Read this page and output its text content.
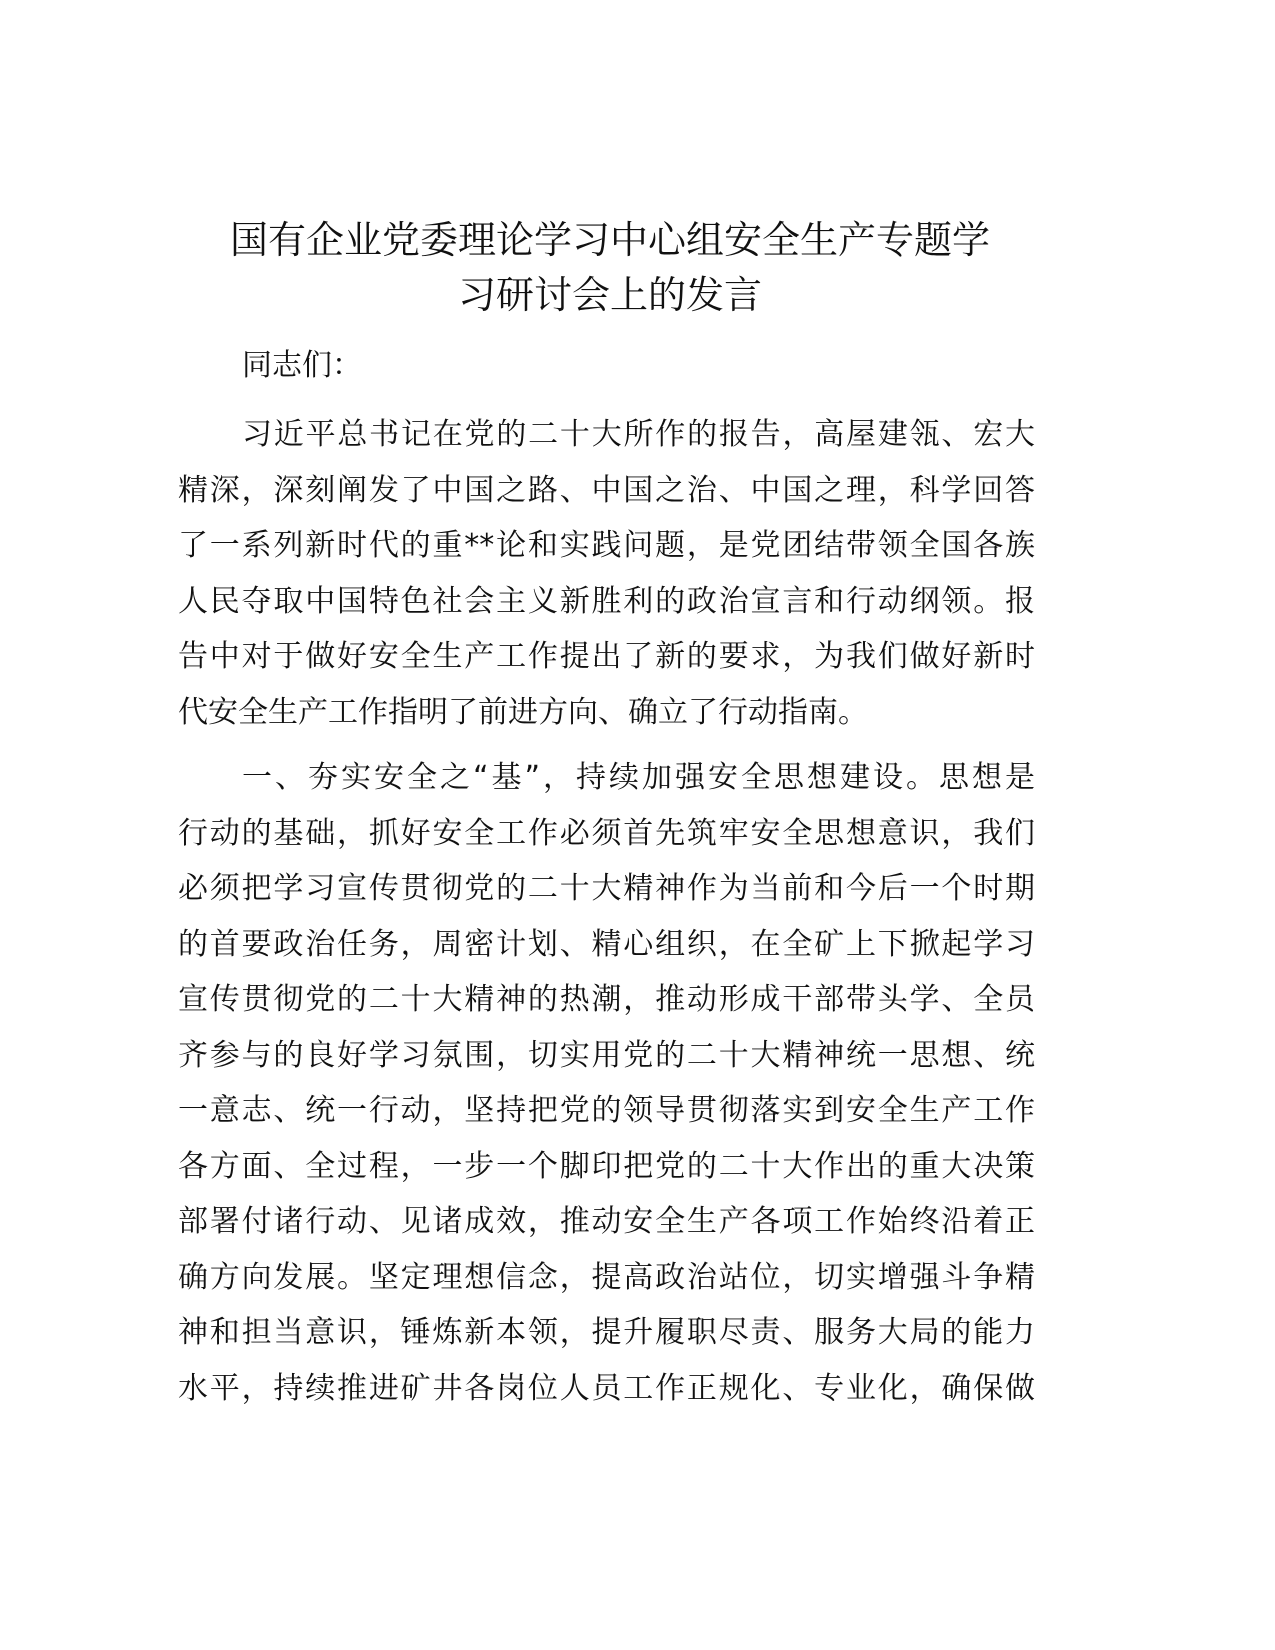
国有企业党委理论学习中心组安全生产专题学
习研讨会上的发言
同志们：
习近平总书记在党的二十大所作的报告，高屋建瓴、宏大
精深，深刻阐发了中国之路、中国之治、中国之理，科学回答
了一系列新时代的重**论和实践问题，是党团结带领全国各族
人民夺取中国特色社会主义新胜利的政治宣言和行动纲领。报
告中对于做好安全生产工作提出了新的要求，为我们做好新时
代安全生产工作指明了前进方向、确立了行动指南。
一、夯实安全之“基”，持续加强安全思想建设。思想是
行动的基础，抓好安全工作必须首先筑牢安全思想意识，我们
必须把学习宣传贯彻党的二十大精神作为当前和今后一个时期
的首要政治任务，周密计划、精心组织，在全矿上下掀起学习
宣传贯彻党的二十大精神的热潮，推动形成干部带头学、全员
齐参与的良好学习氛围，切实用党的二十大精神统一思想、统
一意志、统一行动，坚持把党的领导贯彻落实到安全生产工作
各方面、全过程，一步一个脚印把党的二十大作出的重大决策
部署付诸行动、见诸成效，推动安全生产各项工作始终沿着正
确方向发展。坚定理想信念，提高政治站位，切实增强斗争精
神和担当意识，锤炼新本领，提升履职尽责、服务大局的能力
水平，持续推进矿井各岗位人员工作正规化、专业化，确保做
